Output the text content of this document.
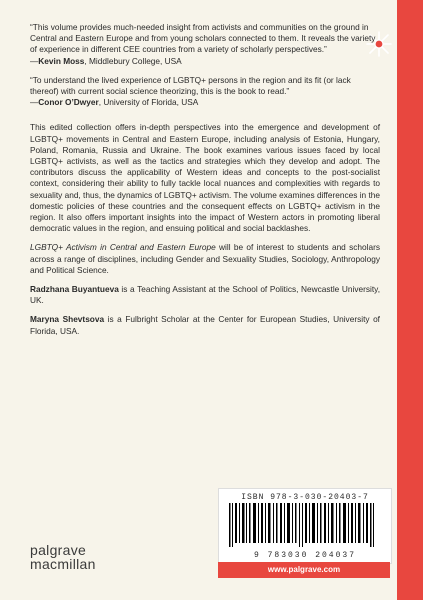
“This volume provides much-needed insight from activists and communities on the ground in Central and Eastern Europe and from young scholars connected to them. It reveals the variety of experience in different CEE countries from a variety of scholarly perspectives.”
—Kevin Moss, Middlebury College, USA

“To understand the lived experience of LGBTQ+ persons in the region and its fit (or lack thereof) with current social science theorizing, this is the book to read.”
—Conor O’Dwyer, University of Florida, USA

This edited collection offers in-depth perspectives into the emergence and development of LGBTQ+ movements in Central and Eastern Europe, including analysis of Estonia, Hungary, Poland, Romania, Russia and Ukraine. The book examines various issues faced by local LGBTQ+ activists, as well as the tactics and strategies which they develop and adopt. The contributors discuss the applicability of Western ideas and concepts to the post-socialist context, considering their ability to fully tackle local nuances and complexities with regards to sexuality and, thus, the dynamics of LGBTQ+ activism. The volume examines differences in the domestic policies of these countries and the consequent effects on LGBTQ+ activism in the region. It also offers important insights into the impact of Western actors in promoting liberal democratic values in the region, and ensuing political and social backlashes.

LGBTQ+ Activism in Central and Eastern Europe will be of interest to students and scholars across a range of disciplines, including Gender and Sexuality Studies, Sociology, Anthropology and Political Science.

Radzhana Buyantueva is a Teaching Assistant at the School of Politics, Newcastle University, UK.

Maryna Shevtsova is a Fulbright Scholar at the Center for European Studies, University of Florida, USA.

ISBN 978-3-030-20403-7
9 783030 204037
www.palgrave.com
palgrave
macmillan
